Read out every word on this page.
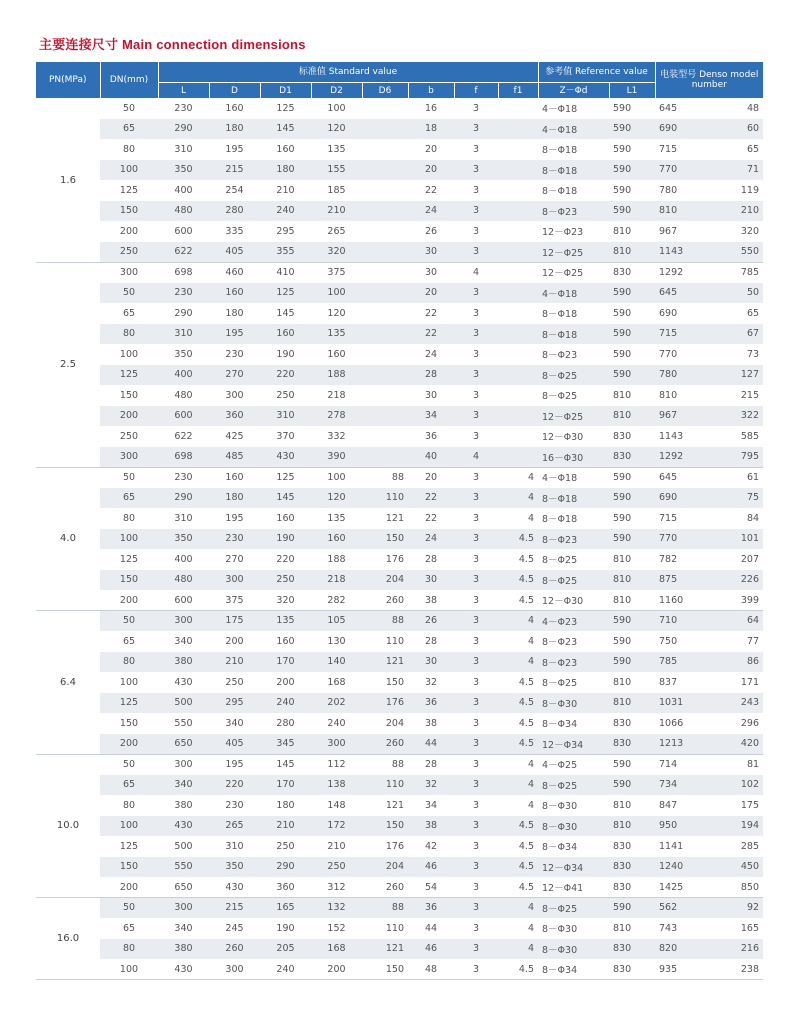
主要连接尺寸 Main connection dimensions
PN(MPa)	DN(mm)	标准值 Standard value								参考值 Reference value		电装型号 Denso model number		
		L	D	D1	D2	D6	b	f	f1	Z－Φd	L1			H
1.6	50	230	160	125	100		16	3		4－Φ18	590	645	48	
	65	290	180	145	120		18	3		4－Φ18	590	690	60	
	80	310	195	160	135		20	3		8－Φ18	590	715	65	
	100	350	215	180	155		20	3		8－Φ18	590	770	71	
	125	400	254	210	185		22	3		8－Φ18	590	780	119	
	150	480	280	240	210		24	3		8－Φ23	590	810	210	
	200	600	335	295	265		26	3		12－Φ23	810	967	320	
	250	622	405	355	320		30	3		12－Φ25	810	1143	550	
2.5	300	698	460	410	375		30	4		12－Φ25	830	1292	785	
	50	230	160	125	100		20	3		4－Φ18	590	645	50	
	65	290	180	145	120		22	3		8－Φ18	590	690	65	
	80	310	195	160	135		22	3		8－Φ18	590	715	67	
	100	350	230	190	160		24	3		8－Φ23	590	770	73	
	125	400	270	220	188		28	3		8－Φ25	590	780	127	
	150	480	300	250	218		30	3		8－Φ25	810	810	215	
	200	600	360	310	278		34	3		12－Φ25	810	967	322	
	250	622	425	370	332		36	3		12－Φ30	830	1143	585	
	300	698	485	430	390		40	4		16－Φ30	830	1292	795	
4.0	50	230	160	125	100	88	20	3	4	4－Φ18	590	645	61	
	65	290	180	145	120	110	22	3	4	8－Φ18	590	690	75	
	80	310	195	160	135	121	22	3	4	8－Φ18	590	715	84	
	100	350	230	190	160	150	24	3	4.5	8－Φ23	590	770	101	
	125	400	270	220	188	176	28	3	4.5	8－Φ25	810	782	207	
	150	480	300	250	218	204	30	3	4.5	8－Φ25	810	875	226	
	200	600	375	320	282	260	38	3	4.5	12－Φ30	810	1160	399	
6.4	50	300	175	135	105	88	26	3	4	4－Φ23	590	710	64	
	65	340	200	160	130	110	28	3	4	8－Φ23	590	750	77	
	80	380	210	170	140	121	30	3	4	8－Φ23	590	785	86	
	100	430	250	200	168	150	32	3	4.5	8－Φ25	810	837	171	
	125	500	295	240	202	176	36	3	4.5	8－Φ30	810	1031	243	
	150	550	340	280	240	204	38	3	4.5	8－Φ34	830	1066	296	
	200	650	405	345	300	260	44	3	4.5	12－Φ34	830	1213	420	
10.0	50	300	195	145	112	88	28	3	4	4－Φ25	590	714	81	
	65	340	220	170	138	110	32	3	4	8－Φ25	590	734	102	
	80	380	230	180	148	121	34	3	4	8－Φ30	810	847	175	
	100	430	265	210	172	150	38	3	4.5	8－Φ30	810	950	194	
	125	500	310	250	210	176	42	3	4.5	8－Φ34	830	1141	285	
	150	550	350	290	250	204	46	3	4.5	12－Φ34	830	1240	450	
	200	650	430	360	312	260	54	3	4.5	12－Φ41	830	1425	850	
16.0	50	300	215	165	132	88	36	3	4	8－Φ25	590	562	92	
	65	340	245	190	152	110	44	3	4	8－Φ30	810	743	165	
	80	380	260	205	168	121	46	3	4	8－Φ30	830	820	216	
	100	430	300	240	200	150	48	3	4.5	8－Φ34	830	935	238	
